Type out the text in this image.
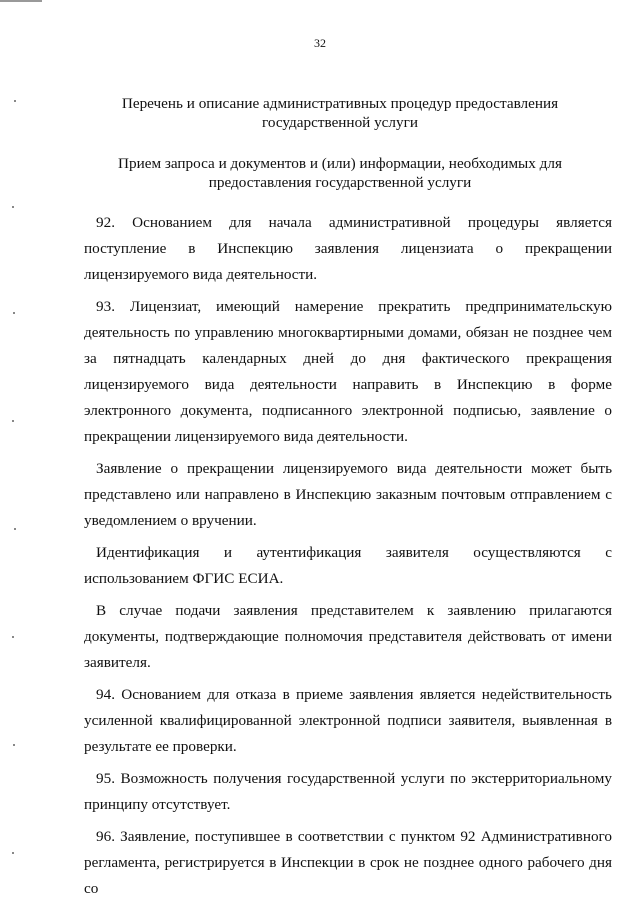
32
Перечень и описание административных процедур предоставления
государственной услуги
Прием запроса и документов и (или) информации, необходимых для
предоставления государственной услуги

92. Основанием для начала административной процедуры является поступление в Инспекцию заявления лицензиата о прекращении лицензируемого вида деятельности.

93. Лицензиат, имеющий намерение прекратить предпринимательскую деятельность по управлению многоквартирными домами, обязан не позднее чем за пятнадцать календарных дней до дня фактического прекращения лицензируемого вида деятельности направить в Инспекцию в форме электронного документа, подписанного электронной подписью, заявление о прекращении лицензируемого вида деятельности.

Заявление о прекращении лицензируемого вида деятельности может быть представлено или направлено в Инспекцию заказным почтовым отправлением с уведомлением о вручении.

Идентификация и аутентификация заявителя осуществляются с использованием ФГИС ЕСИА.

В случае подачи заявления представителем к заявлению прилагаются документы, подтверждающие полномочия представителя действовать от имени заявителя.

94. Основанием для отказа в приеме заявления является недействительность усиленной квалифицированной электронной подписи заявителя, выявленная в результате ее проверки.

95. Возможность получения государственной услуги по экстерриториальному принципу отсутствует.

96. Заявление, поступившее в соответствии с пунктом 92 Административного регламента, регистрируется в Инспекции в срок не позднее одного рабочего дня со
